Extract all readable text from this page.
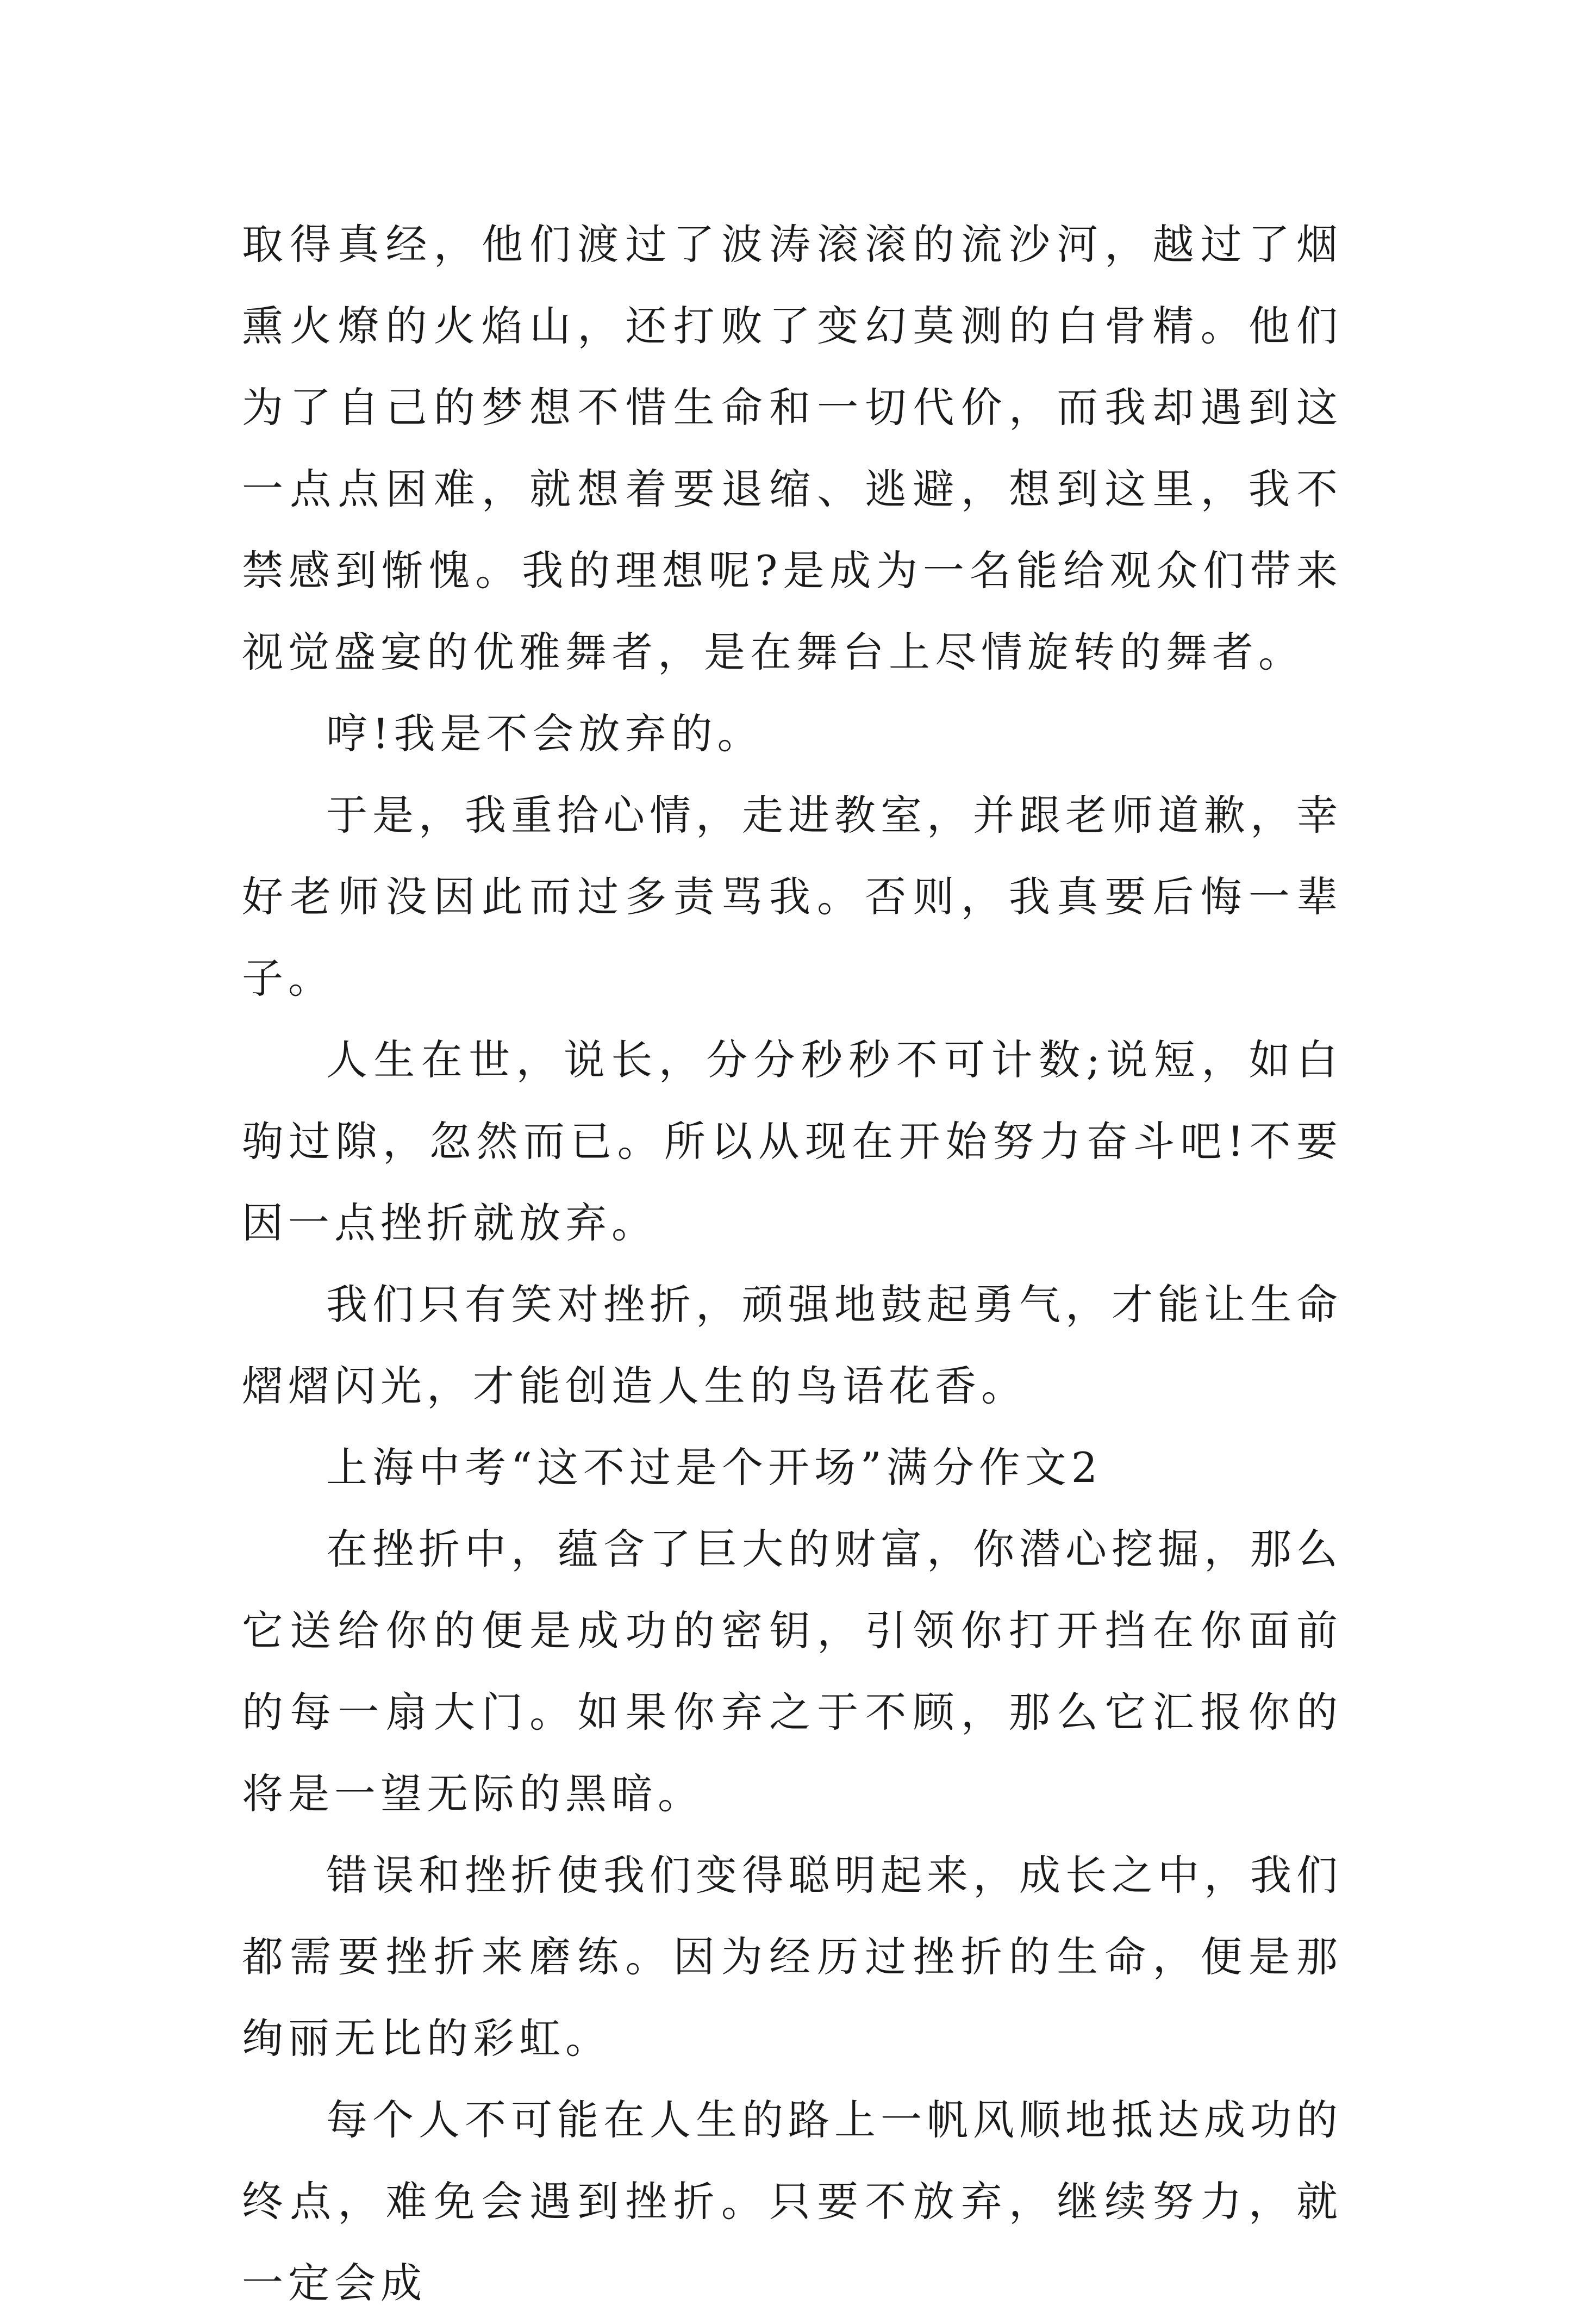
取得真经，他们渡过了波涛滚滚的流沙河，越过了烟熏火燎的火焰山，还打败了变幻莫测的白骨精。他们为了自己的梦想不惜生命和一切代价，而我却遇到这一点点困难，就想着要退缩、逃避，想到这里，我不禁感到惭愧。我的理想呢?是成为一名能给观众们带来视觉盛宴的优雅舞者，是在舞台上尽情旋转的舞者。

哼!我是不会放弃的。

于是，我重拾心情，走进教室，并跟老师道歉，幸好老师没因此而过多责骂我。否则，我真要后悔一辈子。

人生在世，说长，分分秒秒不可计数;说短，如白驹过隙，忽然而已。所以从现在开始努力奋斗吧!不要因一点挫折就放弃。

我们只有笑对挫折，顽强地鼓起勇气，才能让生命熠熠闪光，才能创造人生的鸟语花香。

上海中考“这不过是个开场”满分作文2

在挫折中，蕴含了巨大的财富，你潜心挖掘，那么它送给你的便是成功的密钥，引领你打开挡在你面前的每一扇大门。如果你弃之于不顾，那么它汇报你的将是一望无际的黑暗。

错误和挫折使我们变得聪明起来，成长之中，我们都需要挫折来磨练。因为经历过挫折的生命，便是那绚丽无比的彩虹。

每个人不可能在人生的路上一帆风顺地抵达成功的终点，难免会遇到挫折。只要不放弃，继续努力，就一定会成
